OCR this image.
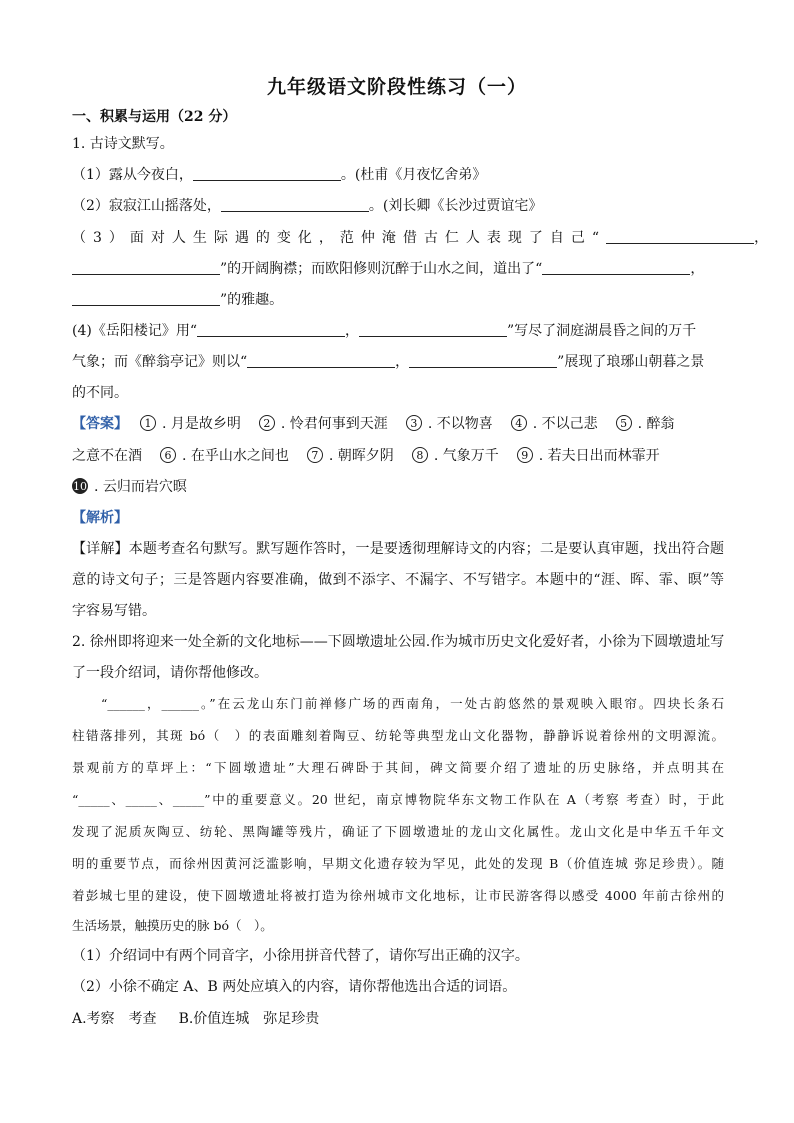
九年级语文阶段性练习（一）
一、积累与运用（22 分）
1. 古诗文默写。
（1）露从今夜白，	。(杜甫《月夜忆舍弟》
（2）寂寂江山摇落处，	。(刘长卿《长沙过贾谊宅》
（3）面对人生际遇的变化，范仲淹借古仁人表现了自己“	，
”的开阔胸襟；而欧阳修则沉醉于山水之间，道出了“	，
”的雅趣。
(4)《岳阳楼记》用“	，	”写尽了洞庭湖晨昏之间的万千
气象；而《醉翁亭记》则以“	，	”展现了琅琊山朝暮之景
的不同。
【答案】 1 . 月是故乡明 2 . 怜君何事到天涯 3 . 不以物喜 4 . 不以己悲 5 . 醉翁
之意不在酒 6 . 在乎山水之间也 7 . 朝晖夕阴 8 . 气象万千 9 . 若夫日出而林霏开
10 . 云归而岩穴暝
【解析】
【详解】本题考查名句默写。默写题作答时，一是要透彻理解诗文的内容；二是要认真审题，找出符合题
意的诗文句子；三是答题内容要准确，做到不添字、不漏字、不写错字。本题中的“涯、晖、霏、暝”等
字容易写错。
2. 徐州即将迎来一处全新的文化地标——下圆墩遗址公园.作为城市历史文化爱好者，小徐为下圆墩遗址写
了一段介绍词，请你帮他修改。
　　“______，______。”在云龙山东门前禅修广场的西南角，一处古韵悠然的景观映入眼帘。四块长条石
柱错落排列，其斑 bó（　）的表面雕刻着陶豆、纺轮等典型龙山文化器物，静静诉说着徐州的文明源流。
景观前方的草坪上：“下圆墩遗址”大理石碑卧于其间，碑文简要介绍了遗址的历史脉络，并点明其在
“_____、_____、_____”中的重要意义。20 世纪，南京博物院华东文物工作队在 A（考察 考查）时，于此
发现了泥质灰陶豆、纺轮、黑陶罐等残片，确证了下圆墩遗址的龙山文化属性。龙山文化是中华五千年文
明的重要节点，而徐州因黄河泛滥影响，早期文化遗存较为罕见，此处的发现 B（价值连城 弥足珍贵）。随
着彭城七里的建设，使下圆墩遗址将被打造为徐州城市文化地标，让市民游客得以感受 4000 年前古徐州的
生活场景，触摸历史的脉 bó（　）。
（1）介绍词中有两个同音字，小徐用拼音代替了，请你写出正确的汉字。
（2）小徐不确定 A、B 两处应填入的内容，请你帮他选出合适的词语。
A.考察　考查 B.价值连城　弥足珍贵
